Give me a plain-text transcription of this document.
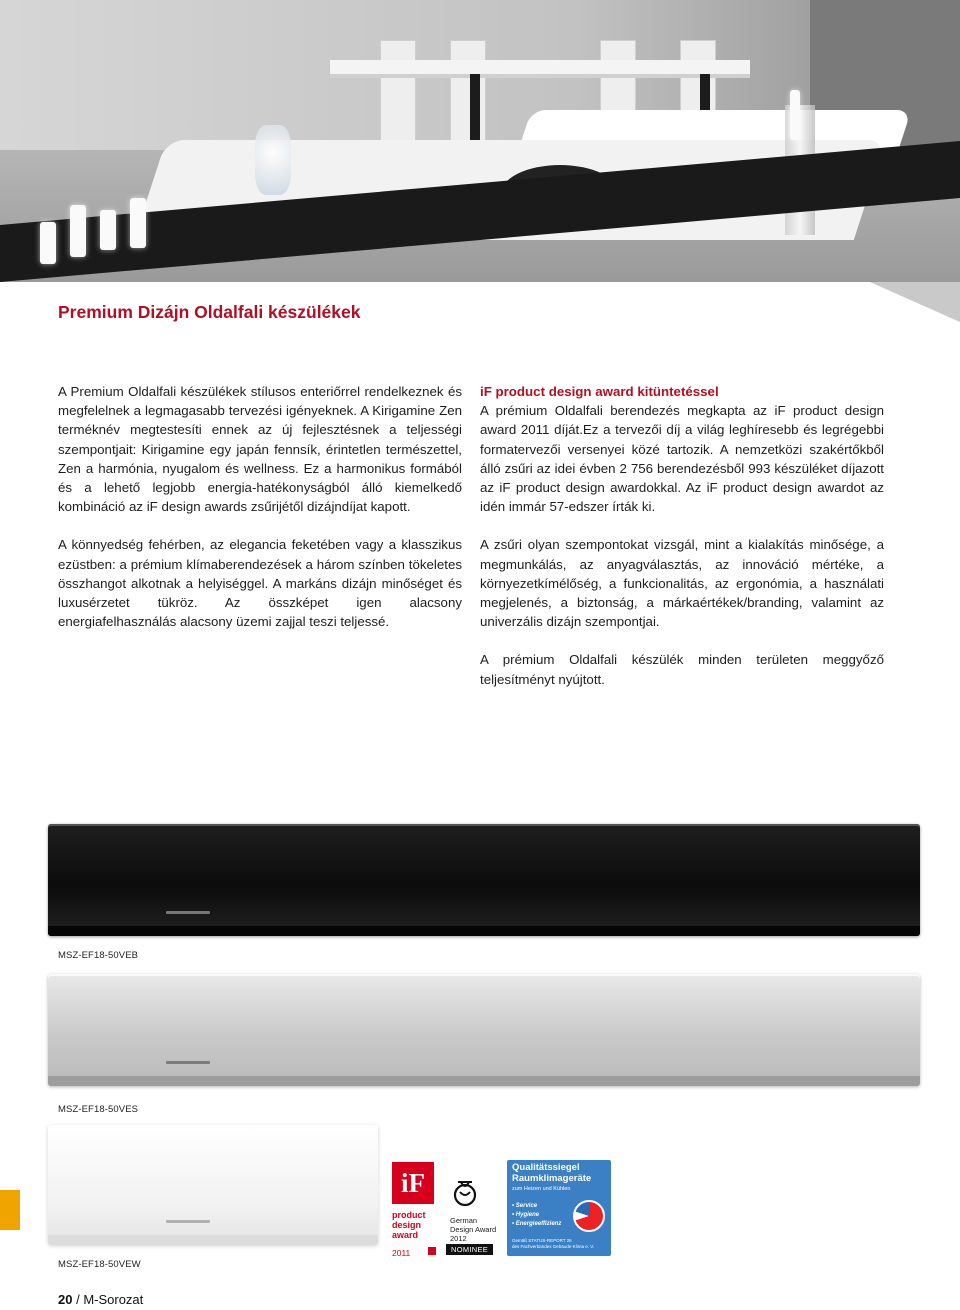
Premium Dizájn Oldalfali készülékek

A Premium Oldalfali készülékek stílusos enteriőrrel rendelkeznek és megfelelnek a legmagasabb tervezési igényeknek. A Kirigamine Zen terméknév megtestesíti ennek az új fejlesztésnek a teljességi szempontjait: Kirigamine egy japán fennsík, érintetlen természettel, Zen a harmónia, nyugalom és wellness. Ez a harmonikus formából és a lehető legjobb energia-hatékonyságból álló kiemelkedő kombináció az iF design awards zsűrijétől dizájndíjat kapott.

A könnyedség fehérben, az elegancia feketében vagy a klasszikus ezüstben: a prémium klímaberendezések a három színben tökeletes összhangot alkotnak a helyiséggel. A markáns dizájn minőséget és luxusérzetet tükröz. Az összképet igen alacsony energiafelhasználás alacsony üzemi zajjal teszi teljessé.

iF product design award kitüntetéssel
A prémium Oldalfali berendezés megkapta az iF product design award 2011 díját.Ez a tervezői díj a világ leghíresebb és legrégebbi formatervezői versenyei közé tartozik. A nemzetközi szakértőkből álló zsűri az idei évben 2 756 berendezésből 993 készüléket díjazott az iF product design awardokkal. Az iF product design awardot az idén immár 57-edszer írták ki.

A zsűri olyan szempontokat vizsgál, mint a kialakítás minősége, a megmunkálás, az anyagválasztás, az innováció mértéke, a környezetkímélőség, a funkcionalitás, az ergonómia, a használati megjelenés, a biztonság, a márkaértékek/branding, valamint az univerzális dizájn szempontjai.

A prémium Oldalfali készülék minden területen meggyőző teljesítményt nyújtott.

MSZ-EF18-50VEB
MSZ-EF18-50VES
MSZ-EF18-50VEW
iF
product
design
award
2011
German
Design Award
2012
NOMINEE
Qualitätssiegel
Raumklimageräte
zum Heizen und Kühlen
• Service
• Hygiene
• Energieeffizienz
Gemäß STATUS-REPORT 26
des Fachverbandes Gebäude-Klima e. V.
20 / M-Sorozat
